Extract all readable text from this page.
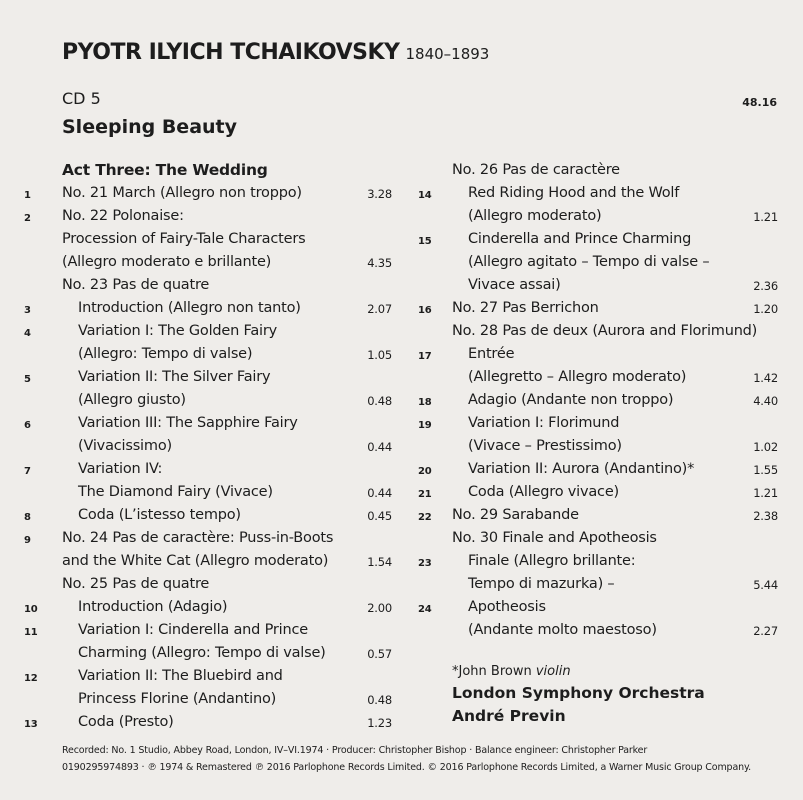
PYOTR ILYICH TCHAIKOVSKY 1840–1893
CD 5
Sleeping Beauty
48.16
Act Three: The Wedding
1 No. 21 March (Allegro non troppo)	3.28
2 No. 22 Polonaise:
Procession of Fairy-Tale Characters
(Allegro moderato e brillante)	4.35
No. 23 Pas de quatre
3	Introduction (Allegro non tanto)	2.07
4	Variation I: The Golden Fairy
(Allegro: Tempo di valse)	1.05
5	Variation II: The Silver Fairy
(Allegro giusto)	0.48
6	Variation III: The Sapphire Fairy
(Vivacissimo)	0.44
7	Variation IV:
The Diamond Fairy (Vivace)	0.44
8	Coda (L’istesso tempo)	0.45
9 No. 24 Pas de caractère: Puss-in-Boots
and the White Cat (Allegro moderato)	1.54
No. 25 Pas de quatre
10	Introduction (Adagio)	2.00
11	Variation I: Cinderella and Prince
Charming (Allegro: Tempo di valse)	0.57
12	Variation II: The Bluebird and
Princess Florine (Andantino)	0.48
13	Coda (Presto)	1.23
No. 26 Pas de caractère
14	Red Riding Hood and the Wolf
(Allegro moderato)	1.21
15	Cinderella and Prince Charming
(Allegro agitato – Tempo di valse –
Vivace assai)	2.36
16 No. 27 Pas Berrichon	1.20
No. 28 Pas de deux (Aurora and Florimund)
17	Entrée
(Allegretto – Allegro moderato)	1.42
18	Adagio (Andante non troppo)	4.40
19	Variation I: Florimund
(Vivace – Prestissimo)	1.02
20	Variation II: Aurora (Andantino)*	1.55
21	Coda (Allegro vivace)	1.21
22 No. 29 Sarabande	2.38
No. 30 Finale and Apotheosis
23	Finale (Allegro brillante:
Tempo di mazurka) –	5.44
24	Apotheosis
(Andante molto maestoso)	2.27
*John Brown violin
London Symphony Orchestra
André Previn
Recorded: No. 1 Studio, Abbey Road, London, IV–VI.1974 · Producer: Christopher Bishop · Balance engineer: Christopher Parker
0190295974893 · ℗ 1974 & Remastered ℗ 2016 Parlophone Records Limited. © 2016 Parlophone Records Limited, a Warner Music Group Company.
